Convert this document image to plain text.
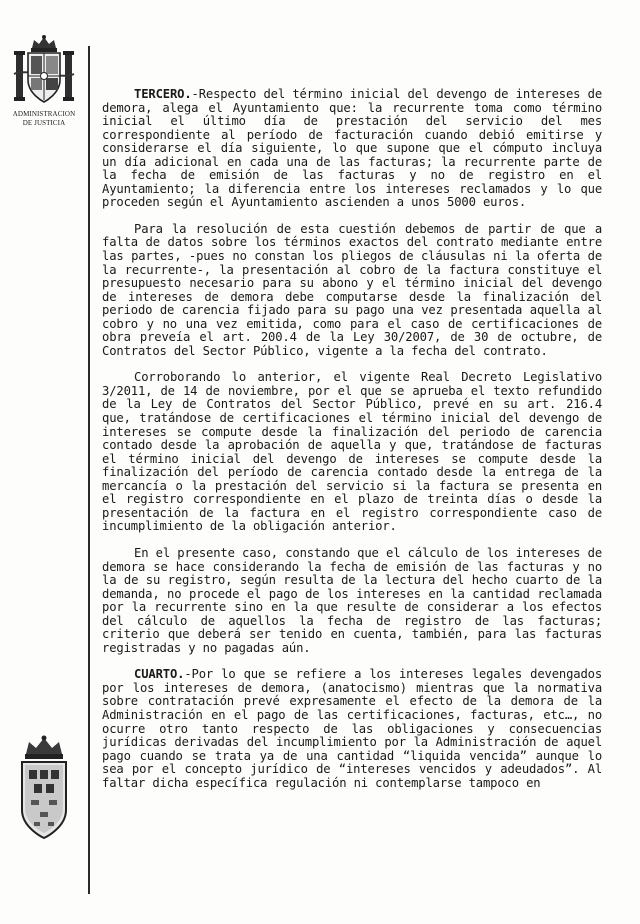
ADMINISTRACION
DE JUSTICIA

TERCERO.-Respecto del término inicial del devengo de intereses de demora, alega el Ayuntamiento que: la recurrente toma como término inicial el último día de prestación del servicio del mes correspondiente al período de facturación cuando debió emitirse y considerarse el día siguiente, lo que supone que el cómputo incluya un día adicional en cada una de las facturas; la recurrente parte de la fecha de emisión de las facturas y no de registro en el Ayuntamiento; la diferencia entre los intereses reclamados y lo que proceden según el Ayuntamiento ascienden a unos 5000 euros.

Para la resolución de esta cuestión debemos de partir de que a falta de datos sobre los términos exactos del contrato mediante entre las partes, -pues no constan los pliegos de cláusulas ni la oferta de la recurrente-, la presentación al cobro de la factura constituye el presupuesto necesario para su abono y el término inicial del devengo de intereses de demora debe computarse desde la finalización del periodo de carencia fijado para su pago una vez presentada aquella al cobro y no una vez emitida, como para el caso de certificaciones de obra preveía el art. 200.4 de la Ley 30/2007, de 30 de octubre, de Contratos del Sector Público, vigente a la fecha del contrato.

Corroborando lo anterior, el vigente Real Decreto Legislativo 3/2011, de 14 de noviembre, por el que se aprueba el texto refundido de la Ley de Contratos del Sector Público, prevé en su art. 216.4 que, tratándose de certificaciones el término inicial del devengo de intereses se compute desde la finalización del periodo de carencia contado desde la aprobación de aquella y que, tratándose de facturas el término inicial del devengo de intereses se compute desde la finalización del período de carencia contado desde la entrega de la mercancía o la prestación del servicio si la factura se presenta en el registro correspondiente en el plazo de treinta días o desde la presentación de la factura en el registro correspondiente caso de incumplimiento de la obligación anterior.

En el presente caso, constando que el cálculo de los intereses de demora se hace considerando la fecha de emisión de las facturas y no la de su registro, según resulta de la lectura del hecho cuarto de la demanda, no procede el pago de los intereses en la cantidad reclamada por la recurrente sino en la que resulte de considerar a los efectos del cálculo de aquellos la fecha de registro de las facturas; criterio que deberá ser tenido en cuenta, también, para las facturas registradas y no pagadas aún.

CUARTO.-Por lo que se refiere a los intereses legales devengados por los intereses de demora, (anatocismo) mientras que la normativa sobre contratación prevé expresamente el efecto de la demora de la Administración en el pago de las certificaciones, facturas, etc…, no ocurre otro tanto respecto de las obligaciones y consecuencias jurídicas derivadas del incumplimiento por la Administración de aquel pago cuando se trata ya de una cantidad “liquida vencida” aunque lo sea por el concepto jurídico de “intereses vencidos y adeudados”. Al faltar dicha específica regulación ni contemplarse tampoco en
